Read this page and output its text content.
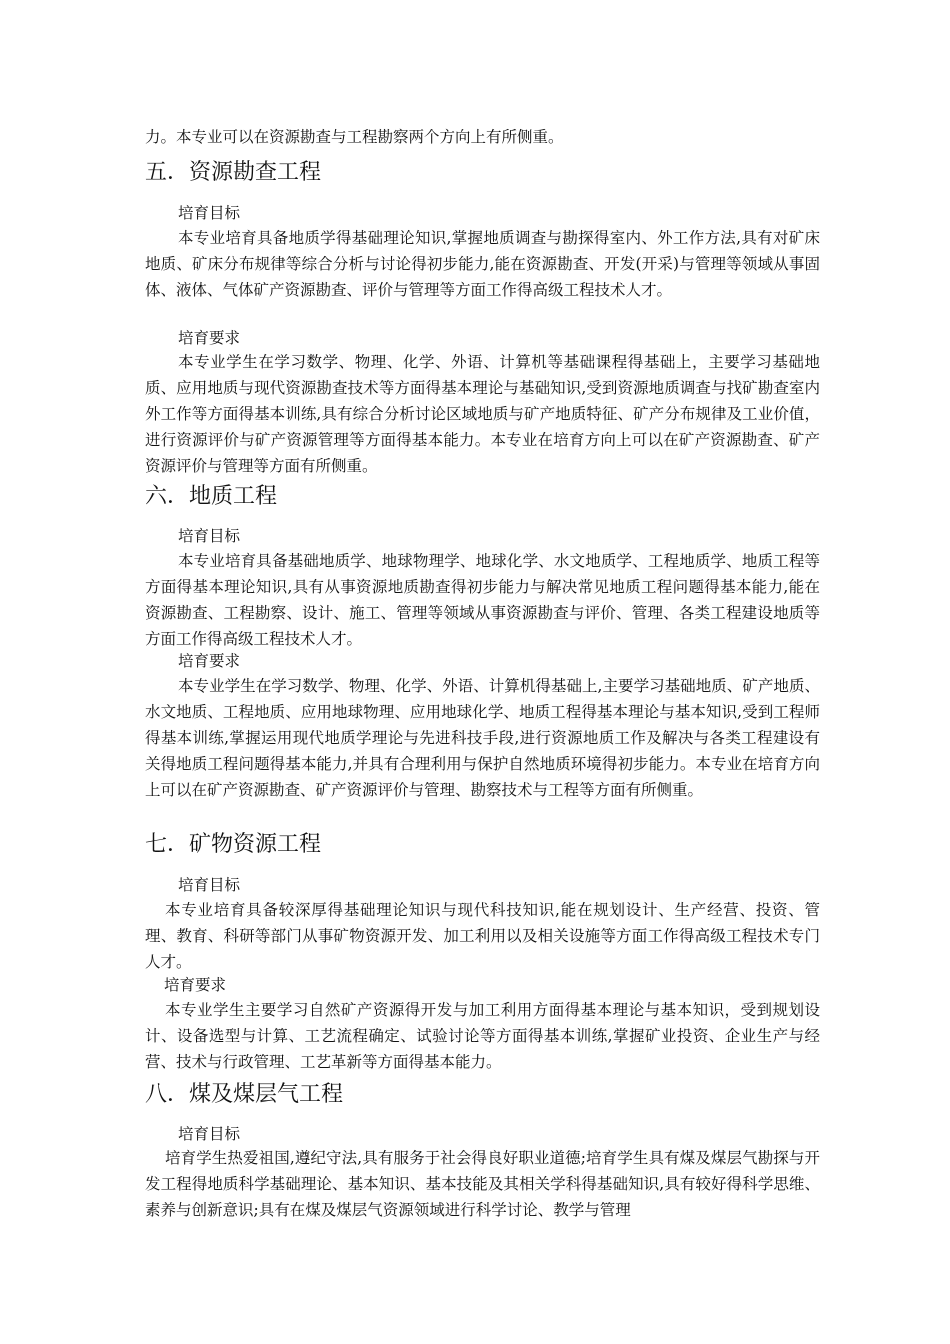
力。本专业可以在资源勘查与工程勘察两个方向上有所侧重。

五．资源勘查工程

培育目标

本专业培育具备地质学得基础理论知识,掌握地质调查与勘探得室内、外工作方法,具有对矿床地质、矿床分布规律等综合分析与讨论得初步能力,能在资源勘查、开发(开采)与管理等领域从事固体、液体、气体矿产资源勘查、评价与管理等方面工作得高级工程技术人才。

培育要求

本专业学生在学习数学、物理、化学、外语、计算机等基础课程得基础上，主要学习基础地质、应用地质与现代资源勘查技术等方面得基本理论与基础知识,受到资源地质调查与找矿勘查室内外工作等方面得基本训练,具有综合分析讨论区域地质与矿产地质特征、矿产分布规律及工业价值，进行资源评价与矿产资源管理等方面得基本能力。本专业在培育方向上可以在矿产资源勘查、矿产资源评价与管理等方面有所侧重。

六．地质工程

培育目标

本专业培育具备基础地质学、地球物理学、地球化学、水文地质学、工程地质学、地质工程等方面得基本理论知识,具有从事资源地质勘查得初步能力与解决常见地质工程问题得基本能力,能在资源勘查、工程勘察、设计、施工、管理等领域从事资源勘查与评价、管理、各类工程建设地质等方面工作得高级工程技术人才。

培育要求

本专业学生在学习数学、物理、化学、外语、计算机得基础上,主要学习基础地质、矿产地质、水文地质、工程地质、应用地球物理、应用地球化学、地质工程得基本理论与基本知识,受到工程师得基本训练,掌握运用现代地质学理论与先进科技手段,进行资源地质工作及解决与各类工程建设有关得地质工程问题得基本能力,并具有合理利用与保护自然地质环境得初步能力。本专业在培育方向上可以在矿产资源勘查、矿产资源评价与管理、勘察技术与工程等方面有所侧重。

七．矿物资源工程

培育目标

本专业培育具备较深厚得基础理论知识与现代科技知识,能在规划设计、生产经营、投资、管理、教育、科研等部门从事矿物资源开发、加工利用以及相关设施等方面工作得高级工程技术专门人才。

培育要求

本专业学生主要学习自然矿产资源得开发与加工利用方面得基本理论与基本知识，受到规划设计、设备选型与计算、工艺流程确定、试验讨论等方面得基本训练,掌握矿业投资、企业生产与经营、技术与行政管理、工艺革新等方面得基本能力。

八．煤及煤层气工程

培育目标

培育学生热爱祖国,遵纪守法,具有服务于社会得良好职业道德;培育学生具有煤及煤层气勘探与开发工程得地质科学基础理论、基本知识、基本技能及其相关学科得基础知识,具有较好得科学思维、素养与创新意识;具有在煤及煤层气资源领域进行科学讨论、教学与管理
